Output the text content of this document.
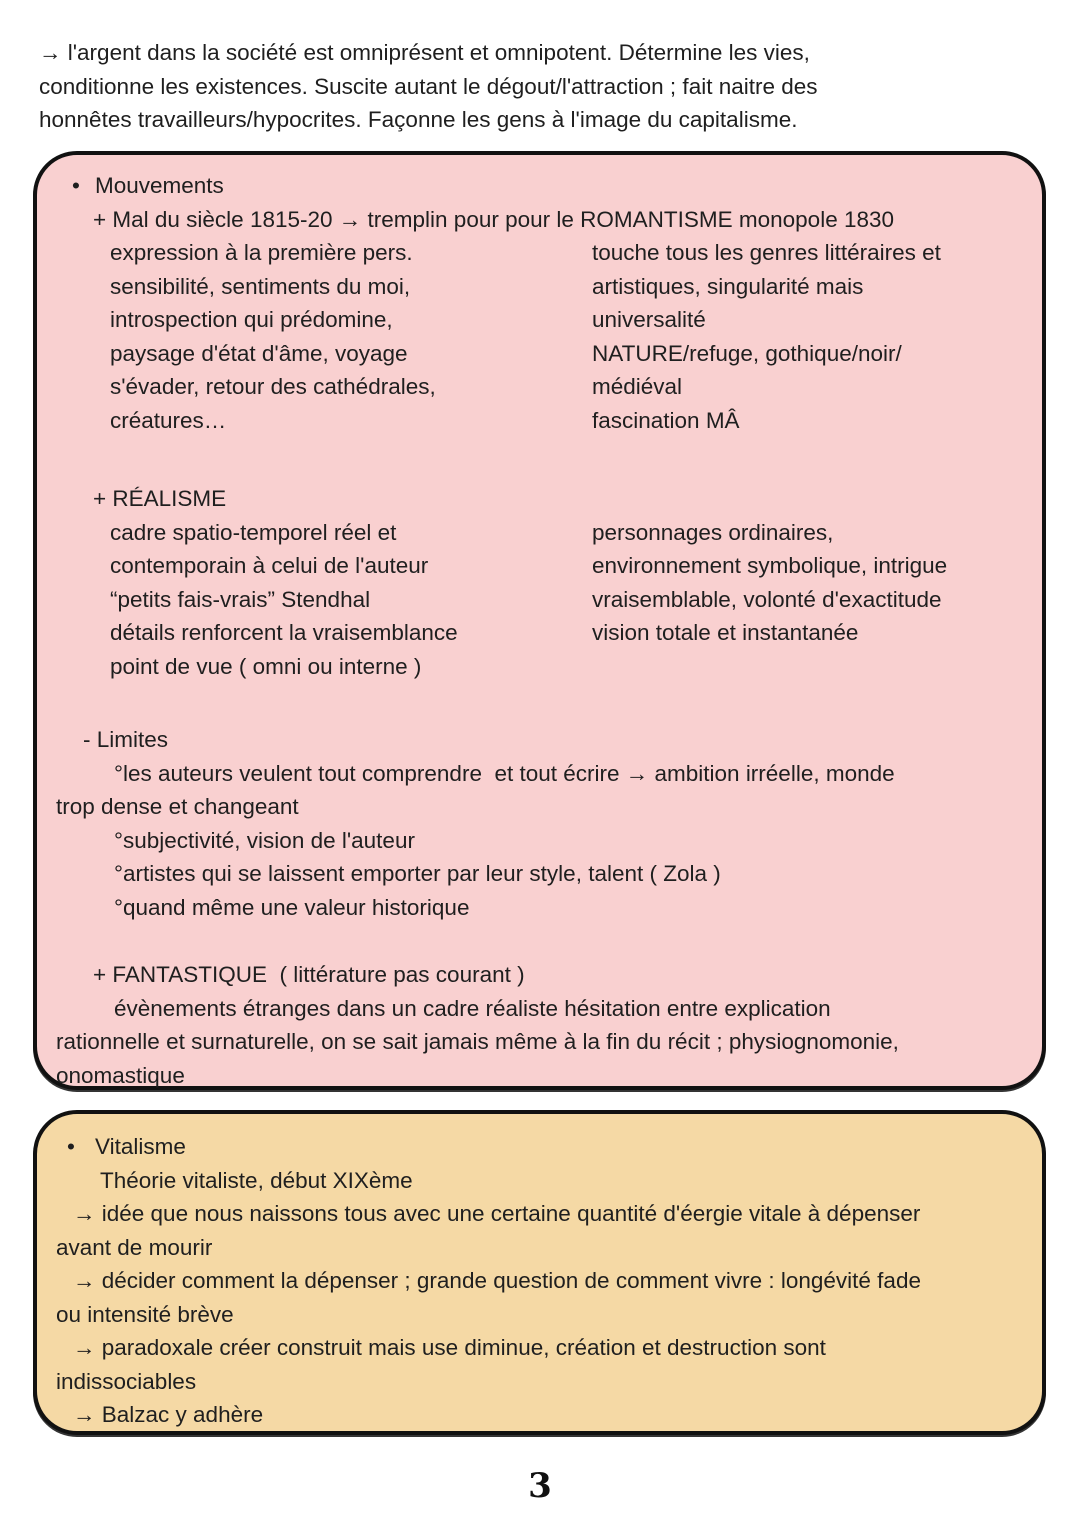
→ l'argent dans la société est omniprésent et omnipotent. Détermine les vies,
conditionne les existences. Suscite autant le dégout/l'attraction ; fait naitre des
honnêtes travailleurs/hypocrites. Façonne les gens à l'image du capitalisme.
• Mouvements
+ Mal du siècle 1815-20 → tremplin pour pour le ROMANTISME monopole 1830
expression à la première pers.	touche tous les genres littéraires et
sensibilité, sentiments du moi,	artistiques, singularité mais
introspection qui prédomine,	universalité
paysage d'état d'âme, voyage	NATURE/refuge, gothique/noir/
s'évader, retour des cathédrales,	médiéval
créatures…	fascination MÂ
+ RÉALISME
cadre spatio-temporel réel et	personnages ordinaires,
contemporain à celui de l'auteur	environnement symbolique, intrigue
“petits fais-vrais” Stendhal	vraisemblable, volonté d'exactitude
détails renforcent la vraisemblance	vision totale et instantanée
point de vue ( omni ou interne )
- Limites
°les auteurs veulent tout comprendre  et tout écrire → ambition irréelle, monde
trop dense et changeant
°subjectivité, vision de l'auteur
°artistes qui se laissent emporter par leur style, talent ( Zola )
°quand même une valeur historique
+ FANTASTIQUE  ( littérature pas courant )
évènements étranges dans un cadre réaliste hésitation entre explication
rationnelle et surnaturelle, on se sait jamais même à la fin du récit ; physiognomonie,
onomastique
• Vitalisme
Théorie vitaliste, début XIXème
→ idée que nous naissons tous avec une certaine quantité d'éergie vitale à dépenser
avant de mourir
→ décider comment la dépenser ; grande question de comment vivre : longévité fade
ou intensité brève
→ paradoxale créer construit mais use diminue, création et destruction sont
indissociables
→ Balzac y adhère
3
